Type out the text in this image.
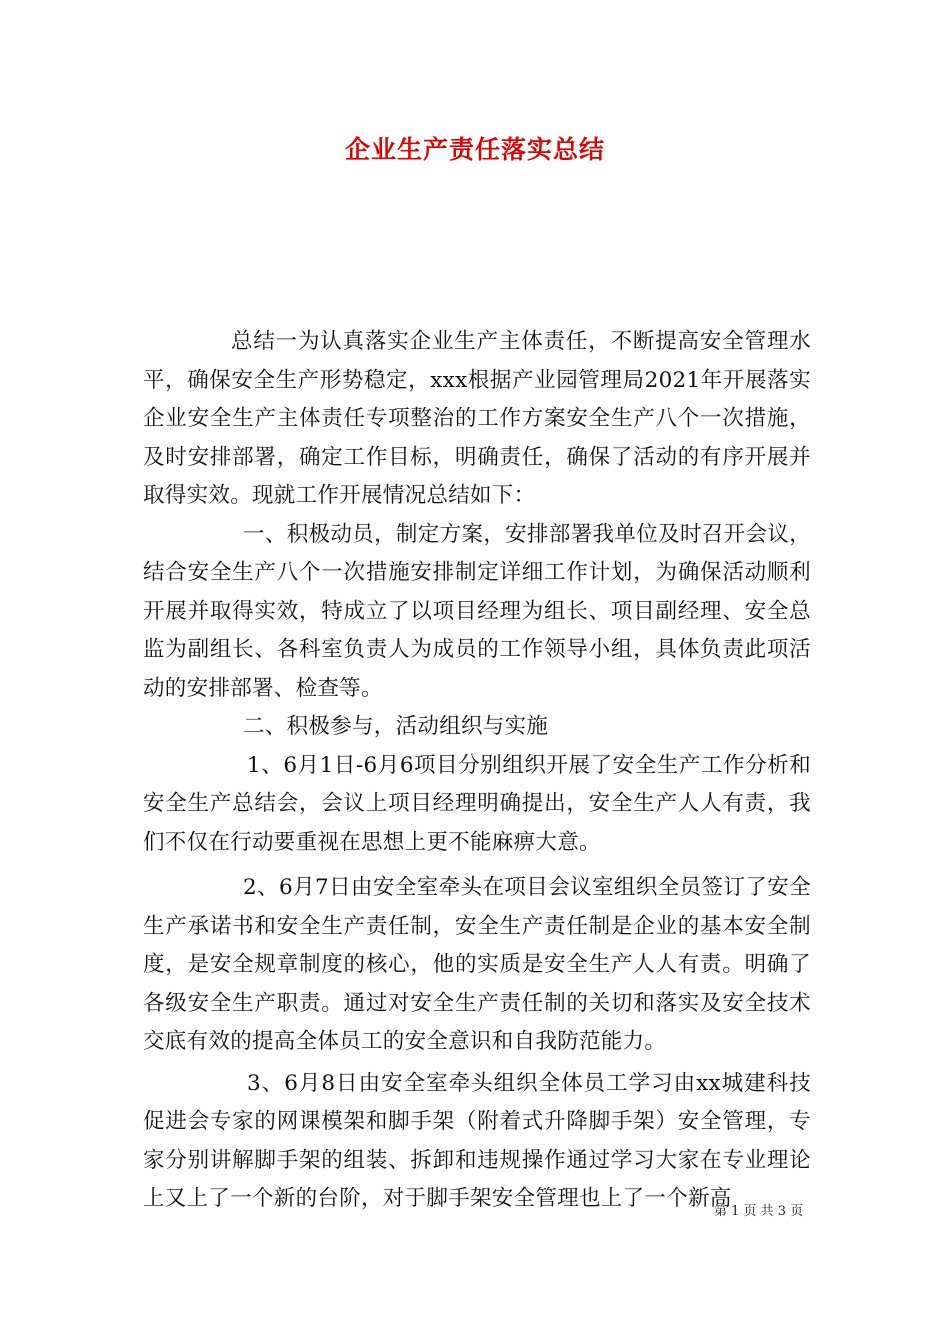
企业生产责任落实总结

总结一为认真落实企业生产主体责任，不断提高安全管理水平，确保安全生产形势稳定，xxx根据产业园管理局2021年开展落实企业安全生产主体责任专项整治的工作方案安全生产八个一次措施，及时安排部署，确定工作目标，明确责任，确保了活动的有序开展并取得实效。现就工作开展情况总结如下：

一、积极动员，制定方案，安排部署我单位及时召开会议，结合安全生产八个一次措施安排制定详细工作计划，为确保活动顺利开展并取得实效，特成立了以项目经理为组长、项目副经理、安全总监为副组长、各科室负责人为成员的工作领导小组，具体负责此项活动的安排部署、检查等。

二、积极参与，活动组织与实施

1、6月1日-6月6项目分别组织开展了安全生产工作分析和安全生产总结会，会议上项目经理明确提出，安全生产人人有责，我们不仅在行动要重视在思想上更不能麻痹大意。

2、6月7日由安全室牵头在项目会议室组织全员签订了安全生产承诺书和安全生产责任制，安全生产责任制是企业的基本安全制度，是安全规章制度的核心，他的实质是安全生产人人有责。明确了各级安全生产职责。通过对安全生产责任制的关切和落实及安全技术交底有效的提高全体员工的安全意识和自我防范能力。

3、6月8日由安全室牵头组织全体员工学习由xx城建科技促进会专家的网课模架和脚手架（附着式升降脚手架）安全管理，专家分别讲解脚手架的组装、拆卸和违规操作通过学习大家在专业理论上又上了一个新的台阶，对于脚手架安全管理也上了一个新高

第 1 页 共 3 页
